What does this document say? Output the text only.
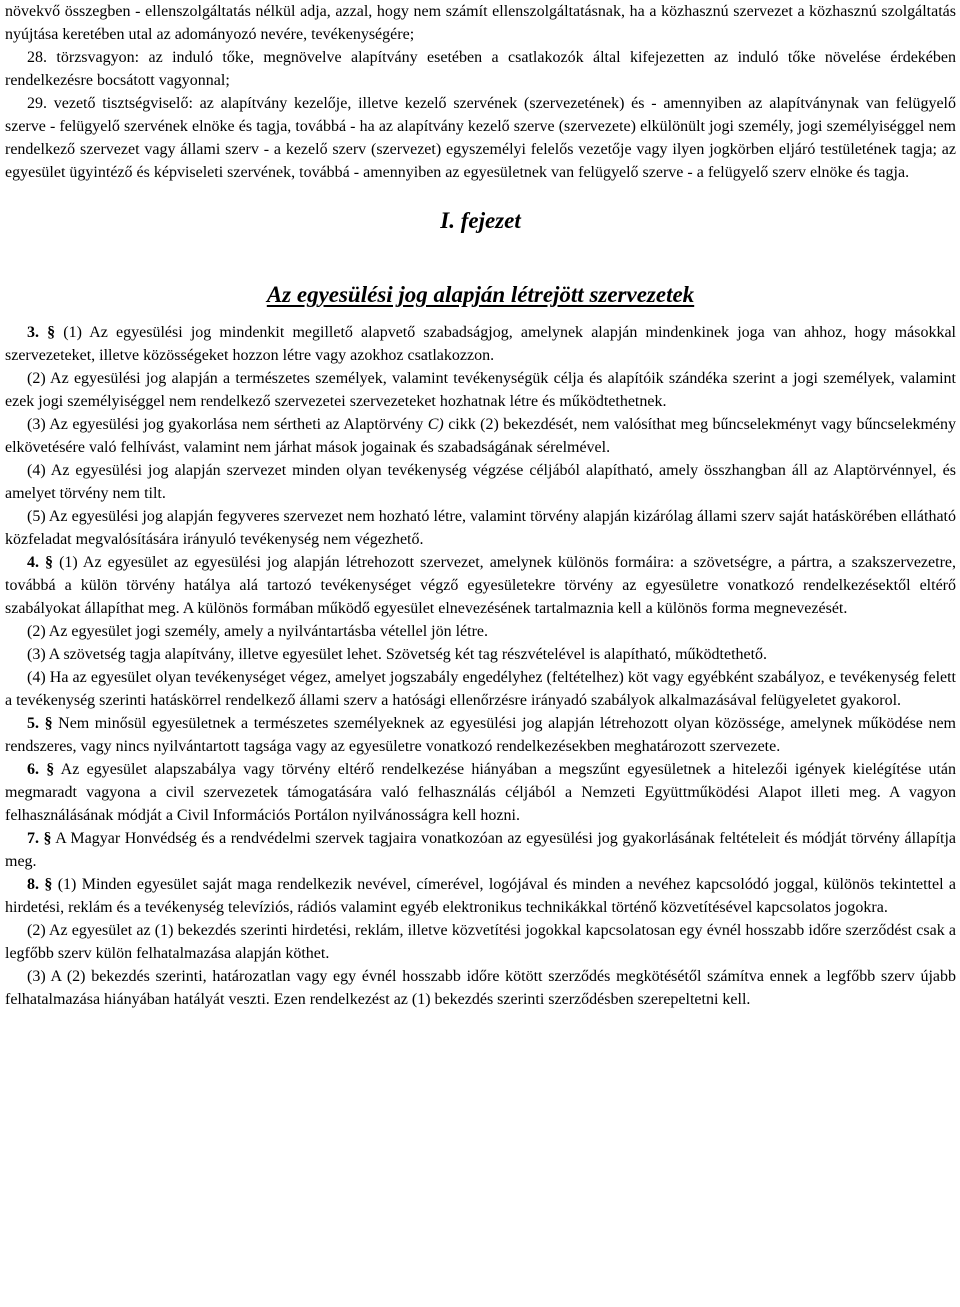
növekvő összegben - ellenszolgáltatás nélkül adja, azzal, hogy nem számít ellenszolgáltatásnak, ha a közhasznú szervezet a közhasznú szolgáltatás nyújtása keretében utal az adományozó nevére, tevékenységére;

28. törzsvagyon: az induló tőke, megnövelve alapítvány esetében a csatlakozók által kifejezetten az induló tőke növelése érdekében rendelkezésre bocsátott vagyonnal;

29. vezető tisztségviselő: az alapítvány kezelője, illetve kezelő szervének (szervezetének) és - amennyiben az alapítványnak van felügyelő szerve - felügyelő szervének elnöke és tagja, továbbá - ha az alapítvány kezelő szerve (szervezete) elkülönült jogi személy, jogi személyiséggel nem rendelkező szervezet vagy állami szerv - a kezelő szerv (szervezet) egyszemélyi felelős vezetője vagy ilyen jogkörben eljáró testületének tagja; az egyesület ügyintéző és képviseleti szervének, továbbá - amennyiben az egyesületnek van felügyelő szerve - a felügyelő szerv elnöke és tagja.

I. fejezet
Az egyesülési jog alapján létrejött szervezetek

3. § (1) Az egyesülési jog mindenkit megillető alapvető szabadságjog, amelynek alapján mindenkinek joga van ahhoz, hogy másokkal szervezeteket, illetve közösségeket hozzon létre vagy azokhoz csatlakozzon.

(2) Az egyesülési jog alapján a természetes személyek, valamint tevékenységük célja és alapítóik szándéka szerint a jogi személyek, valamint ezek jogi személyiséggel nem rendelkező szervezetei szervezeteket hozhatnak létre és működtethetnek.

(3) Az egyesülési jog gyakorlása nem sértheti az Alaptörvény C) cikk (2) bekezdését, nem valósíthat meg bűncselekményt vagy bűncselekmény elkövetésére való felhívást, valamint nem járhat mások jogainak és szabadságának sérelmével.

(4) Az egyesülési jog alapján szervezet minden olyan tevékenység végzése céljából alapítható, amely összhangban áll az Alaptörvénnyel, és amelyet törvény nem tilt.

(5) Az egyesülési jog alapján fegyveres szervezet nem hozható létre, valamint törvény alapján kizárólag állami szerv saját hatáskörében ellátható közfeladat megvalósítására irányuló tevékenység nem végezhető.

4. § (1) Az egyesület az egyesülési jog alapján létrehozott szervezet, amelynek különös formáira: a szövetségre, a pártra, a szakszervezetre, továbbá a külön törvény hatálya alá tartozó tevékenységet végző egyesületekre törvény az egyesületre vonatkozó rendelkezésektől eltérő szabályokat állapíthat meg. A különös formában működő egyesület elnevezésének tartalmaznia kell a különös forma megnevezését.

(2) Az egyesület jogi személy, amely a nyilvántartásba vétellel jön létre.

(3) A szövetség tagja alapítvány, illetve egyesület lehet. Szövetség két tag részvételével is alapítható, működtethető.

(4) Ha az egyesület olyan tevékenységet végez, amelyet jogszabály engedélyhez (feltételhez) köt vagy egyébként szabályoz, e tevékenység felett a tevékenység szerinti hatáskörrel rendelkező állami szerv a hatósági ellenőrzésre irányadó szabályok alkalmazásával felügyeletet gyakorol.

5. § Nem minősül egyesületnek a természetes személyeknek az egyesülési jog alapján létrehozott olyan közössége, amelynek működése nem rendszeres, vagy nincs nyilvántartott tagsága vagy az egyesületre vonatkozó rendelkezésekben meghatározott szervezete.

6. § Az egyesület alapszabálya vagy törvény eltérő rendelkezése hiányában a megszűnt egyesületnek a hitelezői igények kielégítése után megmaradt vagyona a civil szervezetek támogatására való felhasználás céljából a Nemzeti Együttműködési Alapot illeti meg. A vagyon felhasználásának módját a Civil Információs Portálon nyilvánosságra kell hozni.

7. § A Magyar Honvédség és a rendvédelmi szervek tagjaira vonatkozóan az egyesülési jog gyakorlásának feltételeit és módját törvény állapítja meg.

8. § (1) Minden egyesület saját maga rendelkezik nevével, címerével, logójával és minden a nevéhez kapcsolódó joggal, különös tekintettel a hirdetési, reklám és a tevékenység televíziós, rádiós valamint egyéb elektronikus technikákkal történő közvetítésével kapcsolatos jogokra.

(2) Az egyesület az (1) bekezdés szerinti hirdetési, reklám, illetve közvetítési jogokkal kapcsolatosan egy évnél hosszabb időre szerződést csak a legfőbb szerv külön felhatalmazása alapján köthet.

(3) A (2) bekezdés szerinti, határozatlan vagy egy évnél hosszabb időre kötött szerződés megkötésétől számítva ennek a legfőbb szerv újabb felhatalmazása hiányában hatályát veszti. Ezen rendelkezést az (1) bekezdés szerinti szerződésben szerepeltetni kell.
